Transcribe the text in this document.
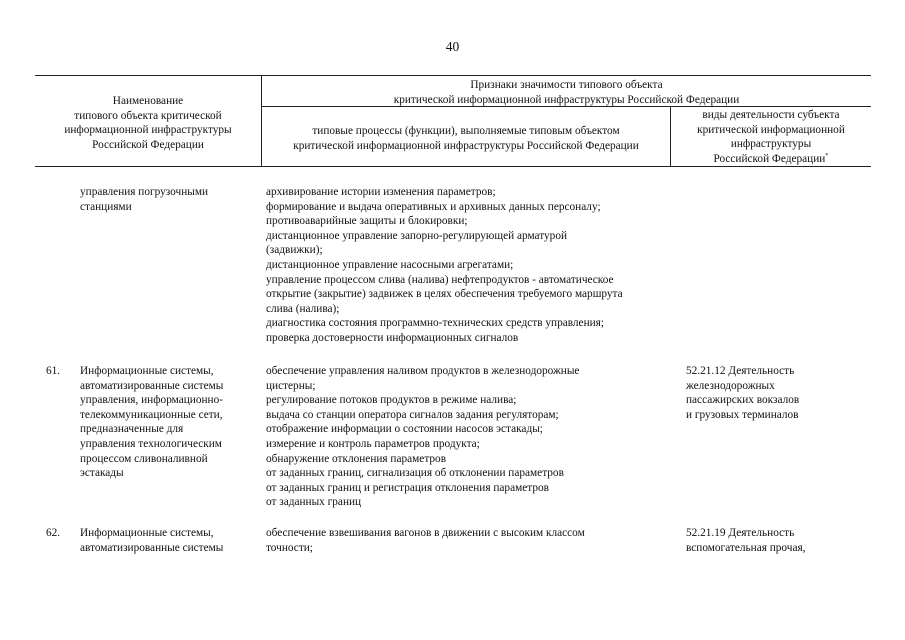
40
Наименование
типового объекта критической
информационной инфраструктуры
Российской Федерации
Признаки значимости типового объекта
критической информационной инфраструктуры Российской Федерации
типовые процессы (функции), выполняемые типовым объектом
критической информационной инфраструктуры Российской Федерации
виды деятельности субъекта
критической информационной
инфраструктуры
Российской Федерации*
управления погрузочными
станциями
архивирование истории изменения параметров;
формирование и выдача оперативных и архивных данных персоналу;
противоаварийные защиты и блокировки;
дистанционное управление запорно-регулирующей арматурой
(задвижки);
дистанционное управление насосными агрегатами;
управление процессом слива (налива) нефтепродуктов - автоматическое
открытие (закрытие) задвижек в целях обеспечения требуемого маршрута
слива (налива);
диагностика состояния программно-технических средств управления;
проверка достоверности информационных сигналов
61. Информационные системы,
автоматизированные системы
управления, информационно-
телекоммуникационные сети,
предназначенные для
управления технологическим
процессом сливоналивной
эстакады
обеспечение управления наливом продуктов в железнодорожные
цистерны;
регулирование потоков продуктов в режиме налива;
выдача со станции оператора сигналов задания регуляторам;
отображение информации о состоянии насосов эстакады;
измерение и контроль параметров продукта;
обнаружение отклонения параметров
от заданных границ, сигнализация об отклонении параметров
от заданных границ и регистрация отклонения параметров
от заданных границ
52.21.12 Деятельность
железнодорожных
пассажирских вокзалов
и грузовых терминалов
62. Информационные системы,
автоматизированные системы
обеспечение взвешивания вагонов в движении с высоким классом
точности;
52.21.19 Деятельность
вспомогательная прочая,
